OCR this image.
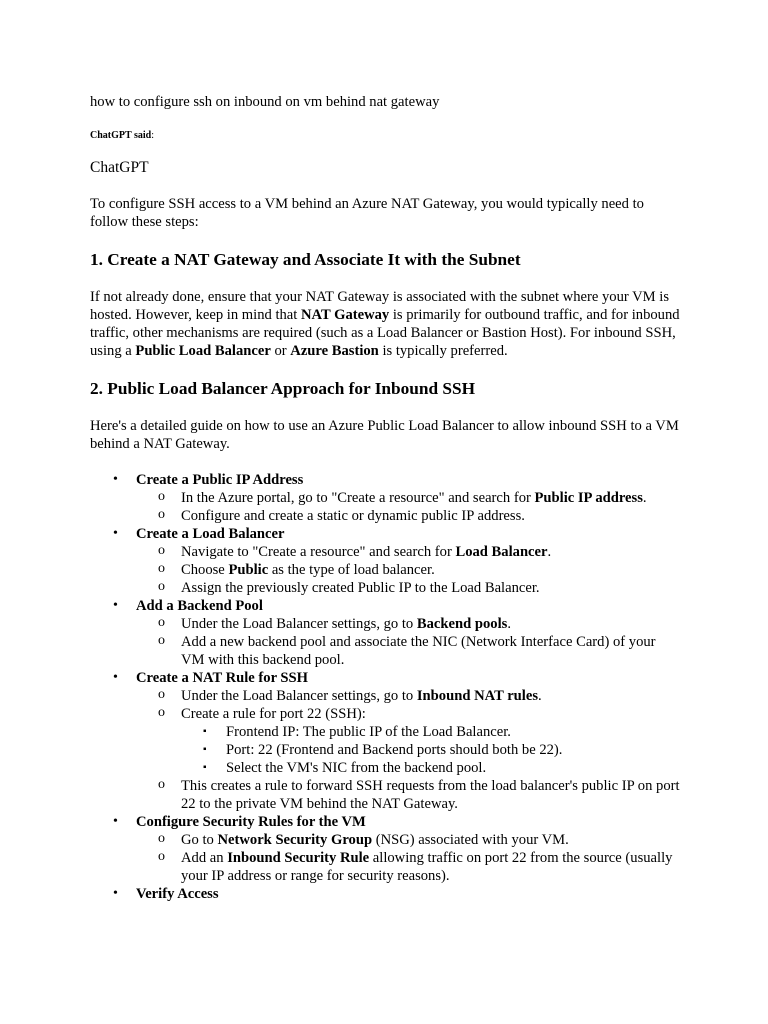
how to configure ssh on inbound on vm behind nat gateway

ChatGPT said:

ChatGPT

To configure SSH access to a VM behind an Azure NAT Gateway, you would typically need to follow these steps:

1. Create a NAT Gateway and Associate It with the Subnet

If not already done, ensure that your NAT Gateway is associated with the subnet where your VM is hosted. However, keep in mind that NAT Gateway is primarily for outbound traffic, and for inbound traffic, other mechanisms are required (such as a Load Balancer or Bastion Host). For inbound SSH, using a Public Load Balancer or Azure Bastion is typically preferred.

2. Public Load Balancer Approach for Inbound SSH

Here's a detailed guide on how to use an Azure Public Load Balancer to allow inbound SSH to a VM behind a NAT Gateway.

• Create a Public IP Address
o In the Azure portal, go to "Create a resource" and search for Public IP address.
o Configure and create a static or dynamic public IP address.
• Create a Load Balancer
o Navigate to "Create a resource" and search for Load Balancer.
o Choose Public as the type of load balancer.
o Assign the previously created Public IP to the Load Balancer.
• Add a Backend Pool
o Under the Load Balancer settings, go to Backend pools.
o Add a new backend pool and associate the NIC (Network Interface Card) of your VM with this backend pool.
• Create a NAT Rule for SSH
o Under the Load Balancer settings, go to Inbound NAT rules.
o Create a rule for port 22 (SSH):
▪ Frontend IP: The public IP of the Load Balancer.
▪ Port: 22 (Frontend and Backend ports should both be 22).
▪ Select the VM's NIC from the backend pool.
o This creates a rule to forward SSH requests from the load balancer's public IP on port 22 to the private VM behind the NAT Gateway.
• Configure Security Rules for the VM
o Go to Network Security Group (NSG) associated with your VM.
o Add an Inbound Security Rule allowing traffic on port 22 from the source (usually your IP address or range for security reasons).
• Verify Access
